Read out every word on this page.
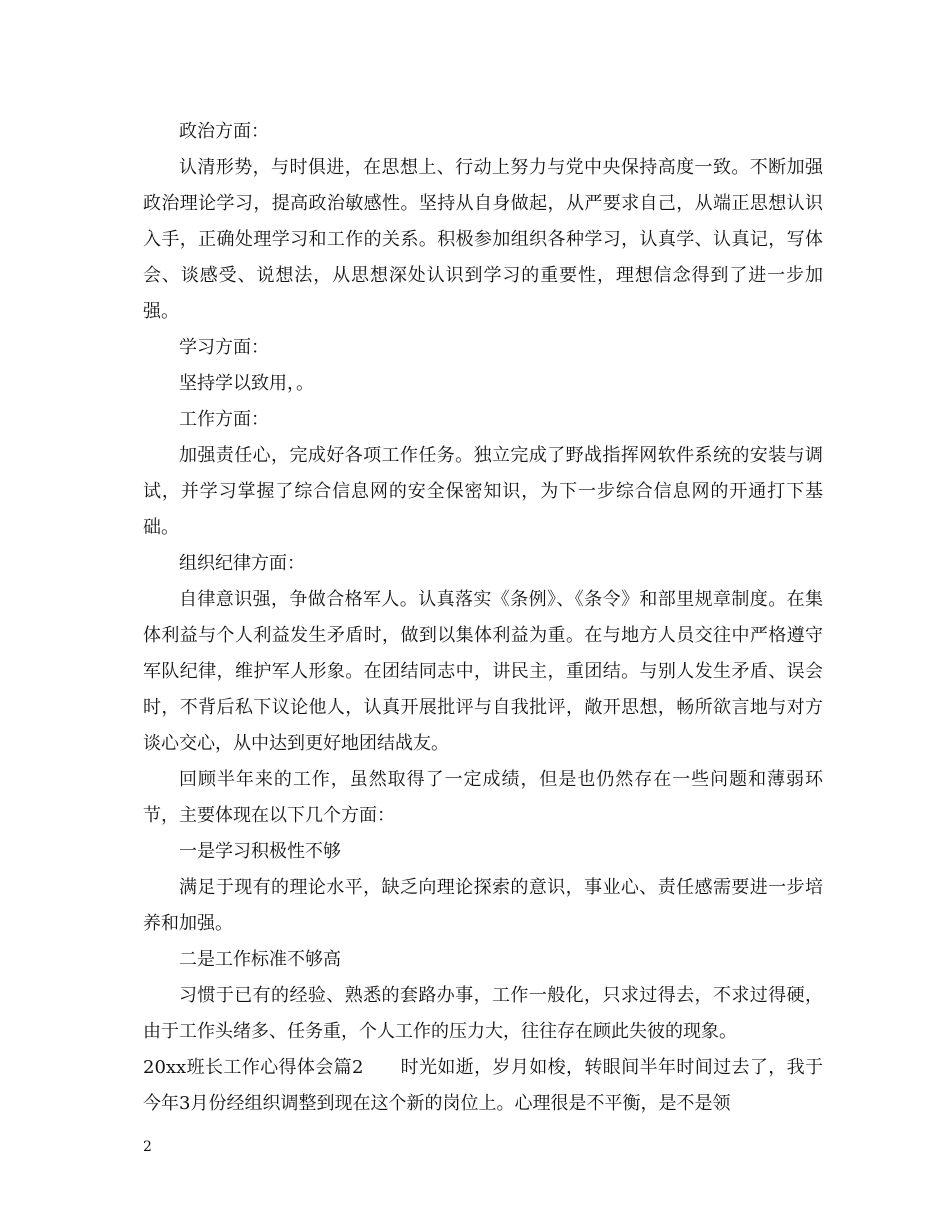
政治方面：

认清形势，与时俱进，在思想上、行动上努力与党中央保持高度一致。不断加强政治理论学习，提高政治敏感性。坚持从自身做起，从严要求自己，从端正思想认识入手，正确处理学习和工作的关系。积极参加组织各种学习，认真学、认真记，写体会、谈感受、说想法，从思想深处认识到学习的重要性，理想信念得到了进一步加强。

学习方面：

坚持学以致用，。

工作方面：

加强责任心，完成好各项工作任务。独立完成了野战指挥网软件系统的安装与调试，并学习掌握了综合信息网的安全保密知识，为下一步综合信息网的开通打下基础。

组织纪律方面：

自律意识强，争做合格军人。认真落实《条例》、《条令》和部里规章制度。在集体利益与个人利益发生矛盾时，做到以集体利益为重。在与地方人员交往中严格遵守军队纪律，维护军人形象。在团结同志中，讲民主，重团结。与别人发生矛盾、误会时，不背后私下议论他人，认真开展批评与自我批评，敞开思想，畅所欲言地与对方谈心交心，从中达到更好地团结战友。

回顾半年来的工作，虽然取得了一定成绩，但是也仍然存在一些问题和薄弱环节，主要体现在以下几个方面：

一是学习积极性不够

满足于现有的理论水平，缺乏向理论探索的意识，事业心、责任感需要进一步培养和加强。

二是工作标准不够高

习惯于已有的经验、熟悉的套路办事，工作一般化，只求过得去，不求过得硬，由于工作头绪多、任务重，个人工作的压力大，往往存在顾此失彼的现象。

20xx班长工作心得体会篇2　　时光如逝，岁月如梭，转眼间半年时间过去了，我于今年3月份经组织调整到现在这个新的岗位上。心理很是不平衡，是不是领

2
